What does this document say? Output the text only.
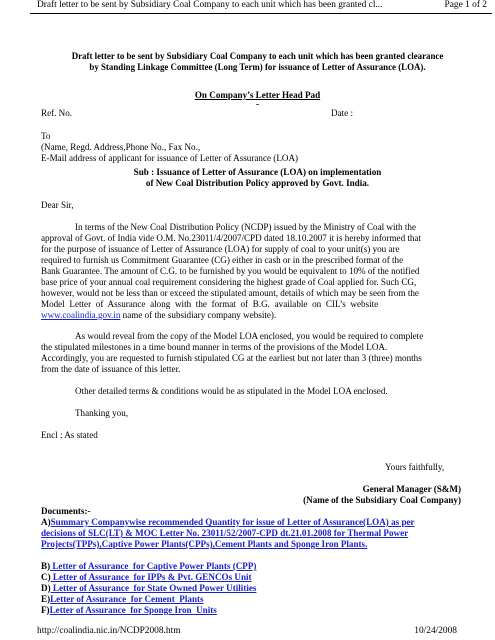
Draft letter to be sent by Subsidiary Coal Company to each unit which has been granted cl...	Page 1 of 2
Draft letter to be sent by Subsidiary Coal Company to each unit which has been granted clearance
by Standing Linkage Committee (Long Term) for issuance of Letter of Assurance (LOA).
On Company’s Letter Head Pad
-
Ref. No.	Date :
To
(Name, Regd. Address,Phone No., Fax No.,
E-Mail address of applicant for issuance of Letter of Assurance (LOA)
Sub : Issuance of Letter of Assurance (LOA) on implementation
of New Coal Distribution Policy approved by Govt. India.
Dear Sir,
In terms of the New Coal Distribution Policy (NCDP) issued by the Ministry of Coal with the
approval of Govt. of India vide O.M. No.23011/4/2007/CPD dated 18.10.2007 it is hereby informed that
for the purpose of issuance of Letter of Assurance (LOA) for supply of coal to your unit(s) you are
required to furnish us Commitment Guarantee (CG) either in cash or in the prescribed format of the
Bank Guarantee. The amount of C.G. to be furnished by you would be equivalent to 10% of the notified
base price of your annual coal requirement considering the highest grade of Coal applied for. Such CG,
however, would not be less than or exceed the stipulated amount, details of which may be seen from the
Model Letter of Assurance along with the format of B.G. available on CIL’s website
www.coalindia.gov.in name of the subsidiary company website).
As would reveal from the copy of the Model LOA enclosed, you would be required to complete
the stipulated milestones in a time bound manner in terms of the provisions of the Model LOA.
Accordingly, you are requested to furnish stipulated CG at the earliest but not later than 3 (three) months
from the date of issuance of this letter.
Other detailed terms & conditions would be as stipulated in the Model LOA enclosed.
Thanking you,
Encl : As stated
Yours faithfully,
General Manager (S&M)
(Name of the Subsidiary Coal Company)
Documents:-
A)Summary Companywise recommended Quantity for issue of Letter of Assurance(LOA) as per
decisions of SLC(LT) & MOC Letter No. 23011/52/2007-CPD dt.21.01.2008 for Thermal Power
Projects(TPPs),Captive Power Plants(CPPs),Cement Plants and Sponge Iron Plants.
B) Letter of Assurance  for Captive Power Plants (CPP)
C) Letter of Assurance  for IPPs & Pvt. GENCOs Unit
D) Letter of Assurance  for State Owned Power Utilities
E)Letter of Assurance  for Cement  Plants
F)Letter of Assurance  for Sponge Iron  Units
http://coalindia.nic.in/NCDP2008.htm	10/24/2008
